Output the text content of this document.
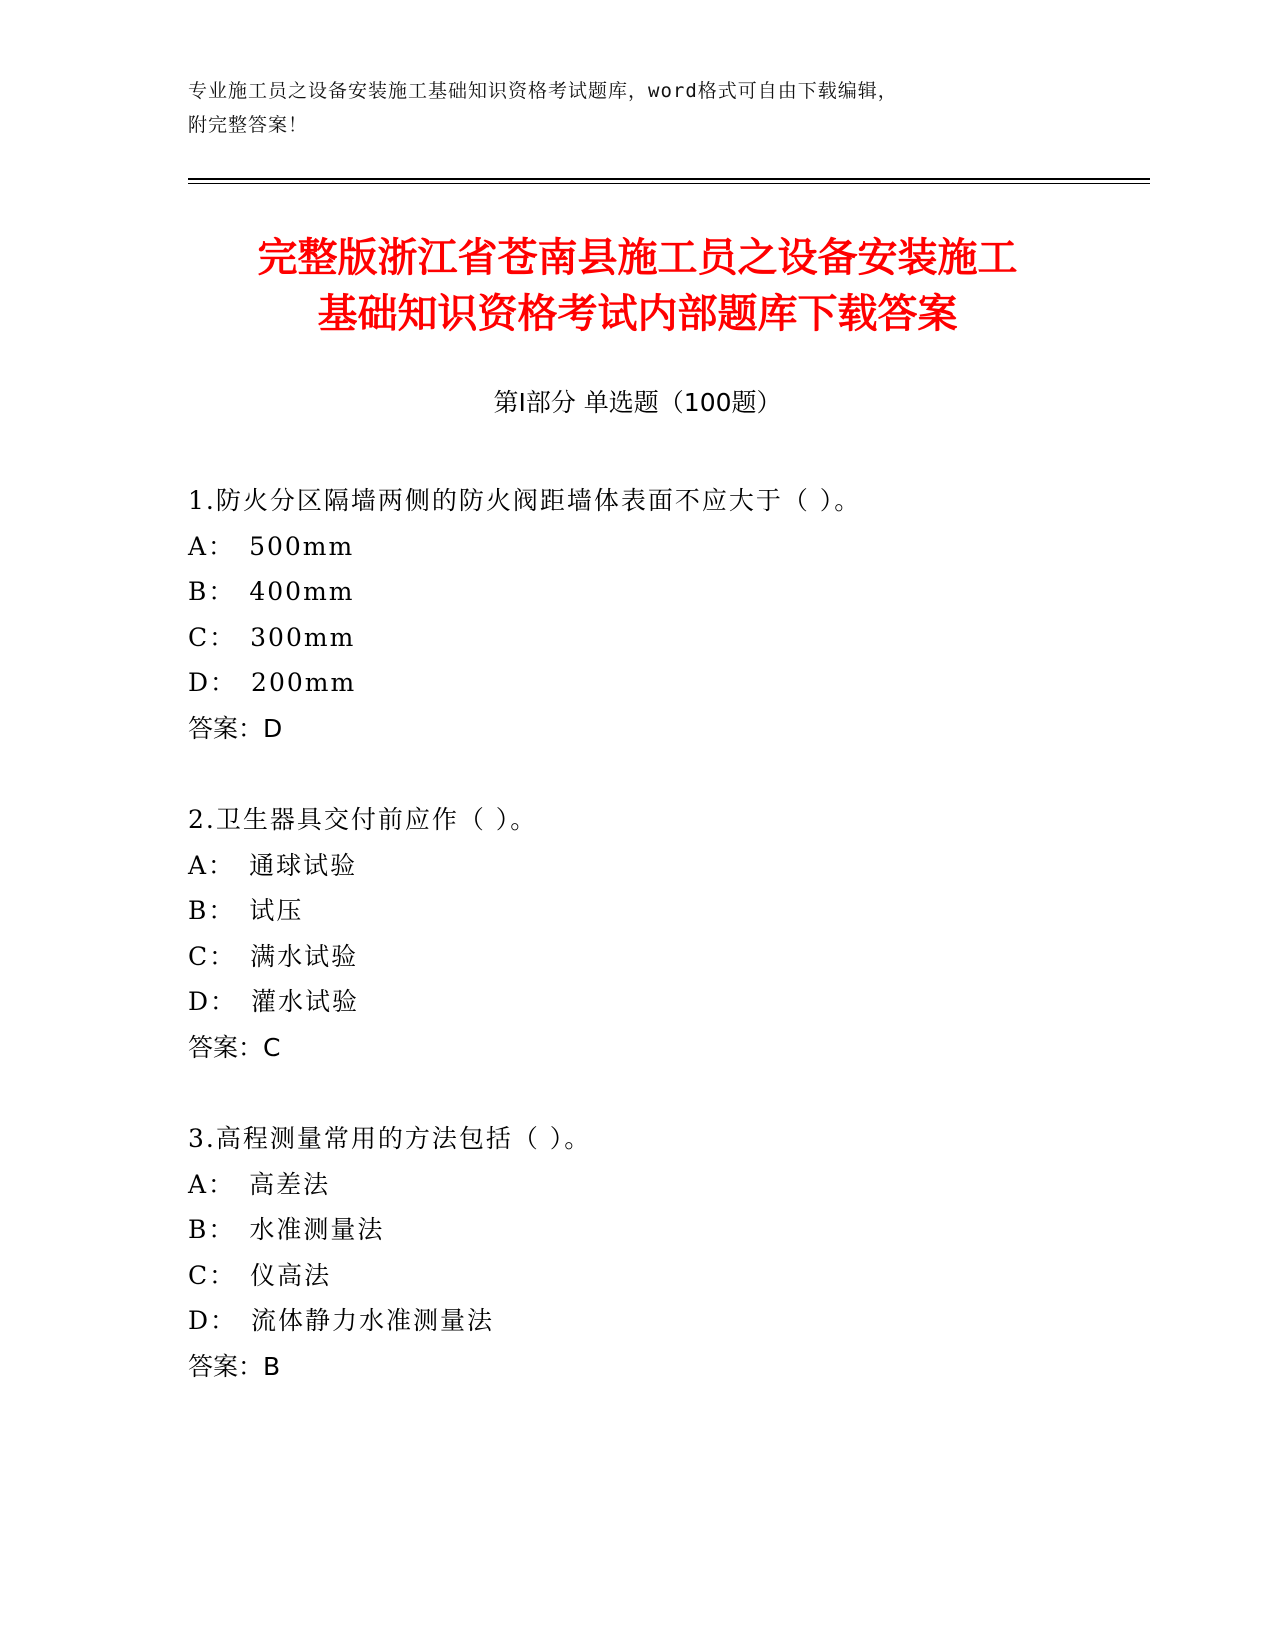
专业施工员之设备安装施工基础知识资格考试题库，word格式可自由下载编辑，
附完整答案！
完整版浙江省苍南县施工员之设备安装施工
基础知识资格考试内部题库下载答案
第Ⅰ部分 单选题（100题）
1.防火分区隔墙两侧的防火阀距墙体表面不应大于（ ）。
A： 500mm
B： 400mm
C： 300mm
D： 200mm
答案：D
2.卫生器具交付前应作（ ）。
A： 通球试验
B： 试压
C： 满水试验
D： 灌水试验
答案：C
3.高程测量常用的方法包括（ ）。
A： 高差法
B： 水准测量法
C： 仪高法
D： 流体静力水准测量法
答案：B
